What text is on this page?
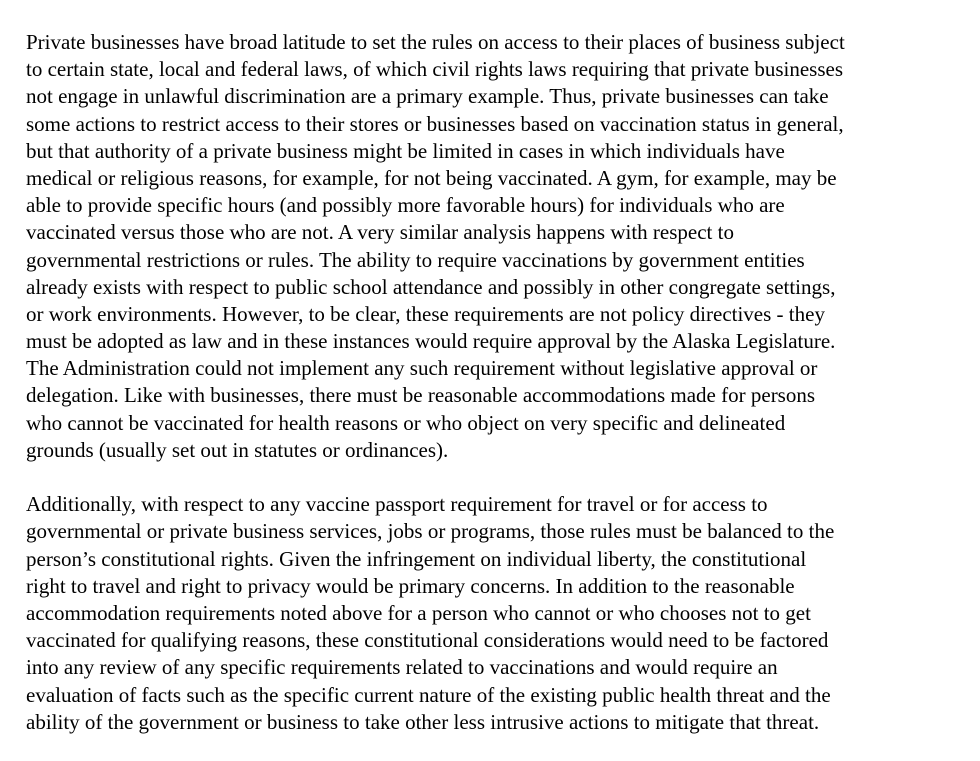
Private businesses have broad latitude to set the rules on access to their places of business subject
to certain state, local and federal laws, of which civil rights laws requiring that private businesses
not engage in unlawful discrimination are a primary example. Thus, private businesses can take
some actions to restrict access to their stores or businesses based on vaccination status in general,
but that authority of a private business might be limited in cases in which individuals have
medical or religious reasons, for example, for not being vaccinated. A gym, for example, may be
able to provide specific hours (and possibly more favorable hours) for individuals who are
vaccinated versus those who are not. A very similar analysis happens with respect to
governmental restrictions or rules. The ability to require vaccinations by government entities
already exists with respect to public school attendance and possibly in other congregate settings,
or work environments. However, to be clear, these requirements are not policy directives - they
must be adopted as law and in these instances would require approval by the Alaska Legislature.
The Administration could not implement any such requirement without legislative approval or
delegation. Like with businesses, there must be reasonable accommodations made for persons
who cannot be vaccinated for health reasons or who object on very specific and delineated
grounds (usually set out in statutes or ordinances).
Additionally, with respect to any vaccine passport requirement for travel or for access to
governmental or private business services, jobs or programs, those rules must be balanced to the
person’s constitutional rights. Given the infringement on individual liberty, the constitutional
right to travel and right to privacy would be primary concerns. In addition to the reasonable
accommodation requirements noted above for a person who cannot or who chooses not to get
vaccinated for qualifying reasons, these constitutional considerations would need to be factored
into any review of any specific requirements related to vaccinations and would require an
evaluation of facts such as the specific current nature of the existing public health threat and the
ability of the government or business to take other less intrusive actions to mitigate that threat.
